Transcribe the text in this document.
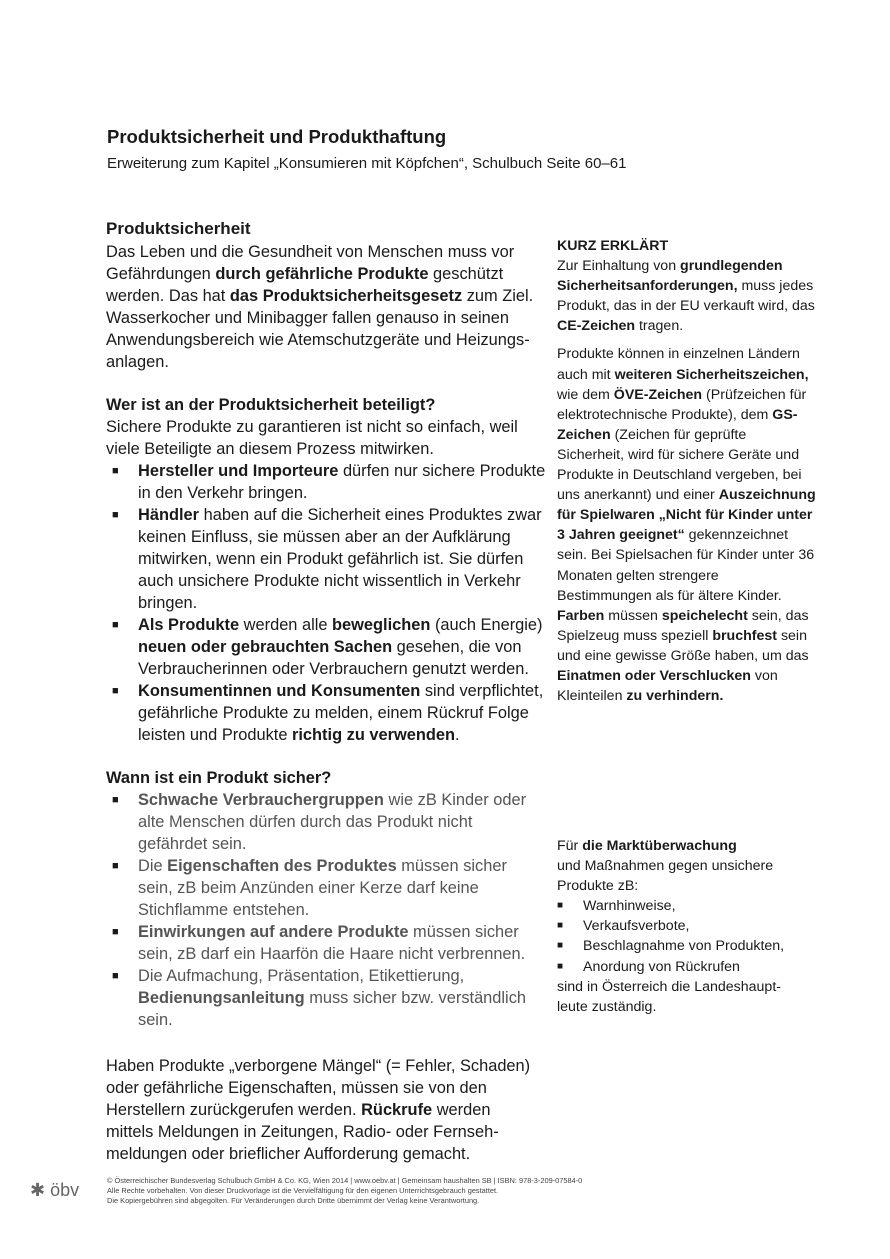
Produktsicherheit und Produkthaftung
Erweiterung zum Kapitel „Konsumieren mit Köpfchen“, Schulbuch Seite 60–61
Produktsicherheit

Das Leben und die Gesundheit von Menschen muss vor

Gefährdungen durch gefährliche Produkte geschützt

werden. Das hat das Produktsicherheitsgesetz zum Ziel.

Wasserkocher und Minibagger fallen genauso in seinen

Anwendungsbereich wie Atemschutzgeräte und Heizungs-

anlagen.

Wer ist an der Produktsicherheit beteiligt?

Sichere Produkte zu garantieren ist nicht so einfach, weil

viele Beteiligte an diesem Prozess mitwirken.

■ Hersteller und Importeure dürfen nur sichere Produkte in den Verkehr bringen.
■ Händler haben auf die Sicherheit eines Produktes zwar keinen Einfluss, sie müssen aber an der Aufklärung mitwirken, wenn ein Produkt gefährlich ist. Sie dürfen auch unsichere Produkte nicht wissentlich in Verkehr bringen.
■ Als Produkte werden alle beweglichen (auch Energie) neuen oder gebrauchten Sachen gesehen, die von Verbraucherinnen oder Verbrauchern genutzt werden.
■ Konsumentinnen und Konsumenten sind verpflichtet, gefährliche Produkte zu melden, einem Rückruf Folge leisten und Produkte richtig zu verwenden.
Wann ist ein Produkt sicher?
■ Schwache Verbrauchergruppen wie zB Kinder oder alte Menschen dürfen durch das Produkt nicht gefährdet sein.
■ Die Eigenschaften des Produktes müssen sicher sein, zB beim Anzünden einer Kerze darf keine Stichflamme entstehen.
■ Einwirkungen auf andere Produkte müssen sicher sein, zB darf ein Haarfön die Haare nicht verbrennen.
■ Die Aufmachung, Präsentation, Etikettierung, Bedienungsanleitung muss sicher bzw. verständlich sein.

Haben Produkte „verborgene Mängel“ (= Fehler, Schaden)

oder gefährliche Eigenschaften, müssen sie von den

Herstellern zurückgerufen werden. Rückrufe werden

mittels Meldungen in Zeitungen, Radio- oder Fernseh-

meldungen oder brieflicher Aufforderung gemacht.

KURZ ERKLÄRT

Zur Einhaltung von grundlegenden Sicherheitsanforderungen, muss jedes Produkt, das in der EU verkauft wird, das CE-Zeichen tragen.

Produkte können in einzelnen Ländern auch mit weiteren Sicherheitszeichen, wie dem ÖVE-Zeichen (Prüfzeichen für elektrotechnische Produkte), dem GS-Zeichen (Zeichen für geprüfte Sicherheit, wird für sichere Geräte und Produkte in Deutschland vergeben, bei uns anerkannt) und einer Auszeichnung für Spielwaren „Nicht für Kinder unter 3 Jahren geeignet“ gekennzeichnet sein. Bei Spielsachen für Kinder unter 36 Monaten gelten strengere Bestimmungen als für ältere Kinder. Farben müssen speichelecht sein, das Spielzeug muss speziell bruchfest sein und eine gewisse Größe haben, um das Einatmen oder Verschlucken von Kleinteilen zu verhindern.

Für die Marktüberwachung

und Maßnahmen gegen unsichere

Produkte zB:

■ Warnhinweise,
■ Verkaufsverbote,
■ Beschlagnahme von Produkten,
■ Anordung von Rückrufen

sind in Österreich die Landeshaupt-

leute zuständig.

✱ öbv	© Österreichischer Bundesverlag Schulbuch GmbH & Co. KG, Wien 2014 | www.oebv.at | Gemeinsam haushalten SB | ISBN: 978-3-209-07584-0
Alle Rechte vorbehalten. Von dieser Druckvorlage ist die Vervielfältigung für den eigenen Unterrichtsgebrauch gestattet.
Die Kopiergebühren sind abgegolten. Für Veränderungen durch Dritte übernimmt der Verlag keine Verantwortung.
